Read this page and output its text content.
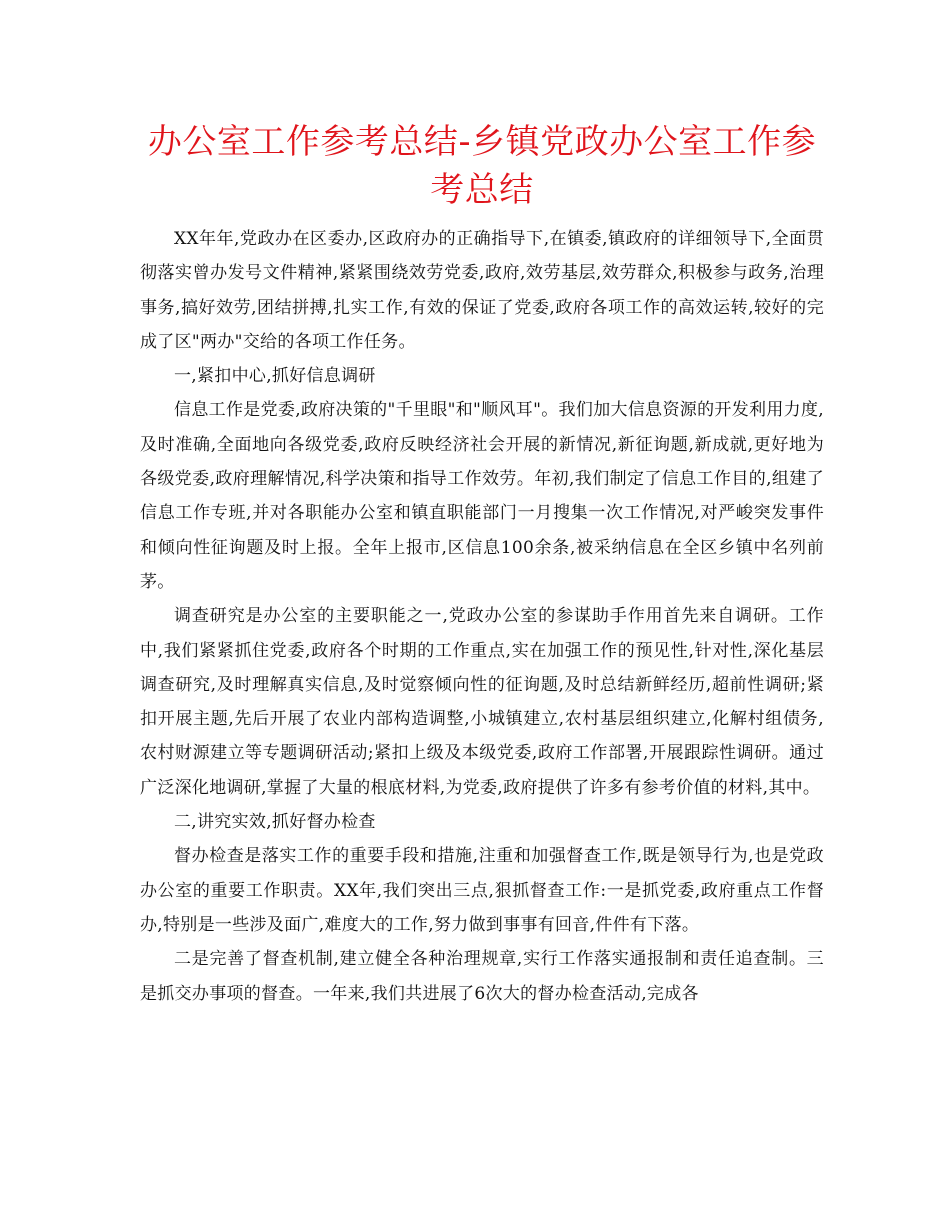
办公室工作参考总结-乡镇党政办公室工作参考总结

XX年年,党政办在区委办,区政府办的正确指导下,在镇委,镇政府的详细领导下,全面贯彻落实曾办发号文件精神,紧紧围绕效劳党委,政府,效劳基层,效劳群众,积极参与政务,治理事务,搞好效劳,团结拼搏,扎实工作,有效的保证了党委,政府各项工作的高效运转,较好的完成了区"两办"交给的各项工作任务。

一,紧扣中心,抓好信息调研

信息工作是党委,政府决策的"千里眼"和"顺风耳"。我们加大信息资源的开发利用力度,及时准确,全面地向各级党委,政府反映经济社会开展的新情况,新征询题,新成就,更好地为各级党委,政府理解情况,科学决策和指导工作效劳。年初,我们制定了信息工作目的,组建了信息工作专班,并对各职能办公室和镇直职能部门一月搜集一次工作情况,对严峻突发事件和倾向性征询题及时上报。全年上报市,区信息100余条,被采纳信息在全区乡镇中名列前茅。

调查研究是办公室的主要职能之一,党政办公室的参谋助手作用首先来自调研。工作中,我们紧紧抓住党委,政府各个时期的工作重点,实在加强工作的预见性,针对性,深化基层调查研究,及时理解真实信息,及时觉察倾向性的征询题,及时总结新鲜经历,超前性调研;紧扣开展主题,先后开展了农业内部构造调整,小城镇建立,农村基层组织建立,化解村组债务,农村财源建立等专题调研活动;紧扣上级及本级党委,政府工作部署,开展跟踪性调研。通过广泛深化地调研,掌握了大量的根底材料,为党委,政府提供了许多有参考价值的材料,其中。

二,讲究实效,抓好督办检查

督办检查是落实工作的重要手段和措施,注重和加强督查工作,既是领导行为,也是党政办公室的重要工作职责。XX年,我们突出三点,狠抓督查工作:一是抓党委,政府重点工作督办,特别是一些涉及面广,难度大的工作,努力做到事事有回音,件件有下落。

二是完善了督查机制,建立健全各种治理规章,实行工作落实通报制和责任追查制。三是抓交办事项的督查。一年来,我们共进展了6次大的督办检查活动,完成各
